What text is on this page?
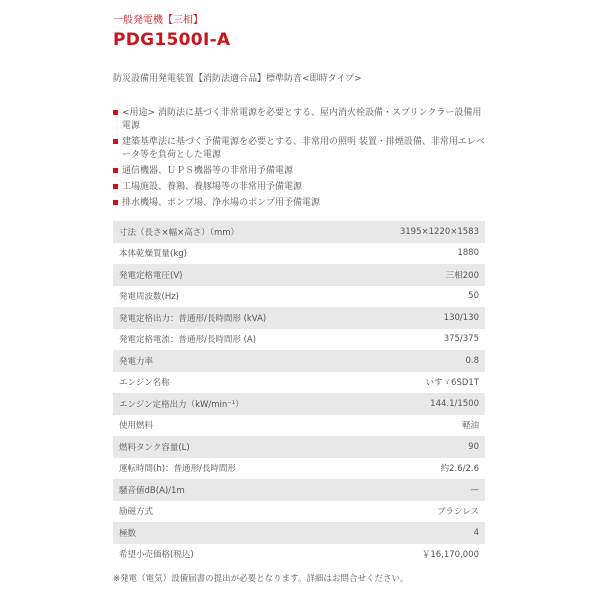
一般発電機【三相】
PDG1500I-A
防災設備用発電装置【消防法適合品】標準防音<即時タイプ>
<用途> 消防法に基づく非常電源を必要とする、屋内消火栓設備・スプリンクラー設備用電源
建築基準法に基づく予備電源を必要とする、非常用の照明 装置・排煙設備、非常用エレベータ等を負荷とした電源
通信機器、ＵＰＳ機器等の非常用予備電源
工場施設、養鶏、養豚場等の非常用予備電源
排水機場、ポンプ場、浄水場のポンプ用予備電源
寸法（長さ×幅×高さ）（mm）	3195×1220×1583
本体乾燥質量(kg)	1880
発電定格電圧(V)	三相200
発電周波数(Hz)	50
発電定格出力：普通形/長時間形 (kVA)	130/130
発電定格電流：普通形/長時間形 (A)	375/375
発電力率	0.8
エンジン名称	いすゞ6SD1T
エンジン定格出力（kW/min⁻¹）	144.1/1500
使用燃料	軽油
燃料タンク容量(L)	90
運転時間(h)：普通形/長時間形	約2.6/2.6
騒音値dB(A)/1m	—
励磁方式	ブラシレス
極数	4
希望小売価格(税込)	￥16,170,000
※発電（電気）設備届書の提出が必要となります。詳細はお問合せください。
